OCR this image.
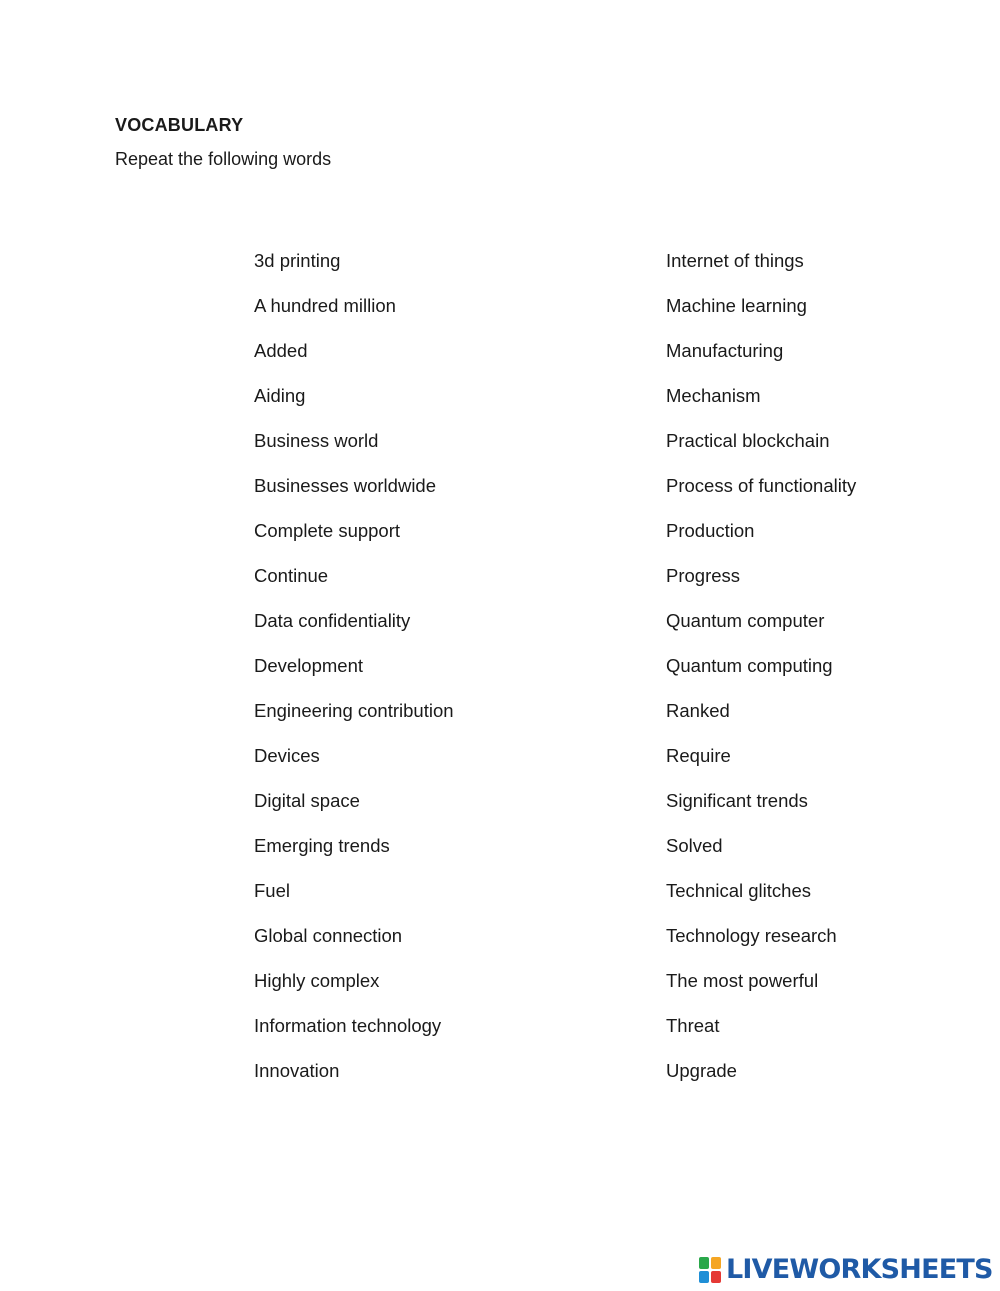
VOCABULARY
Repeat the following words
3d printing
A hundred million
Added
Aiding
Business world
Businesses worldwide
Complete support
Continue
Data confidentiality
Development
Engineering contribution
Devices
Digital space
Emerging trends
Fuel
Global connection
Highly complex
Information technology
Innovation
Internet of things
Machine learning
Manufacturing
Mechanism
Practical blockchain
Process of functionality
Production
Progress
Quantum computer
Quantum computing
Ranked
Require
Significant trends
Solved
Technical glitches
Technology research
The most powerful
Threat
Upgrade
LIVEWORKSHEETS
